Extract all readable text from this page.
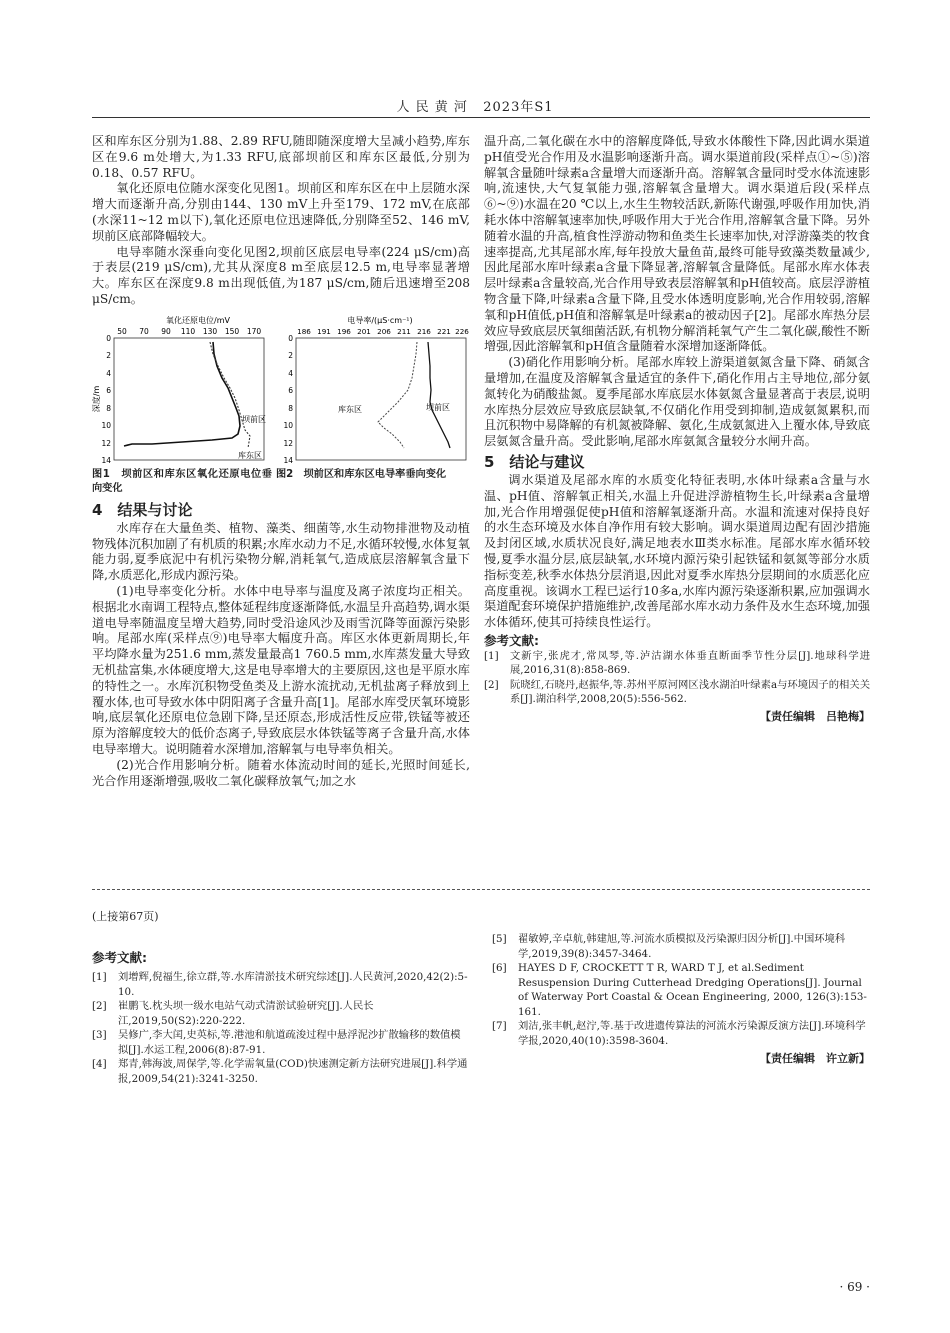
人 民 黄 河 2023年S1

区和库东区分别为1.88、2.89 RFU,随即随深度增大呈减小趋势,库东区在9.6 m处增大,为1.33 RFU,底部坝前区和库东区最低,分别为0.18、0.57 RFU。

氧化还原电位随水深变化见图1。坝前区和库东区在中上层随水深增大而逐渐升高,分别由144、130 mV上升至179、172 mV,在底部(水深11~12 m以下),氧化还原电位迅速降低,分别降至52、146 mV,坝前区底部降幅较大。

电导率随水深垂向变化见图2,坝前区底层电导率(224 μS/cm)高于表层(219 μS/cm),尤其从深度8 m至底层12.5 m,电导率显著增大。库东区在深度9.8 m出现低值,为187 μS/cm,随后迅速增至208 μS/cm。

氧化还原电位/mV
50 70 90 110 130 150 170
0
2
4
6
8
10
12
14
深度/m
坝前区
库东区
电导率/(μS·cm⁻¹)
186 191 196 201 206 211 216 221 226
0
2
4
6
8
10
12
14
库东区	坝前区
图1　坝前区和库东区氧化还原电位垂向变化
图2　坝前区和库东区电导率垂向变化

4　结果与讨论

水库存在大量鱼类、植物、藻类、细菌等,水生动物排泄物及动植物残体沉积加剧了有机质的积累;水库水动力不足,水循环较慢,水体复氧能力弱,夏季底泥中有机污染物分解,消耗氧气,造成底层溶解氧含量下降,水质恶化,形成内源污染。

(1)电导率变化分析。水体中电导率与温度及离子浓度均正相关。根据北水南调工程特点,整体延程纬度逐渐降低,水温呈升高趋势,调水渠道电导率随温度呈增大趋势,同时受沿途风沙及雨雪沉降等面源污染影响。尾部水库(采样点⑨)电导率大幅度升高。库区水体更新周期长,年平均降水量为251.6 mm,蒸发量最高1 760.5 mm,水库蒸发量大导致无机盐富集,水体硬度增大,这是电导率增大的主要原因,这也是平原水库的特性之一。水库沉积物受鱼类及上游水流扰动,无机盐离子释放到上覆水体,也可导致水体中阴阳离子含量升高[1]。尾部水库受厌氧环境影响,底层氧化还原电位急剧下降,呈还原态,形成活性反应带,铁锰等被还原为溶解度较大的低价态离子,导致底层水体铁锰等离子含量升高,水体电导率增大。说明随着水深增加,溶解氧与电导率负相关。

(2)光合作用影响分析。随着水体流动时间的延长,光照时间延长,光合作用逐渐增强,吸收二氧化碳释放氧气;加之水

温升高,二氧化碳在水中的溶解度降低,导致水体酸性下降,因此调水渠道pH值受光合作用及水温影响逐渐升高。调水渠道前段(采样点①~⑤)溶解氧含量随叶绿素a含量增大而逐渐升高。溶解氧含量同时受水体流速影响,流速快,大气复氧能力强,溶解氧含量增大。调水渠道后段(采样点⑥~⑨)水温在20 ℃以上,水生生物较活跃,新陈代谢强,呼吸作用加快,消耗水体中溶解氧速率加快,呼吸作用大于光合作用,溶解氧含量下降。另外随着水温的升高,植食性浮游动物和鱼类生长速率加快,对浮游藻类的牧食速率提高,尤其尾部水库,每年投放大量鱼苗,最终可能导致藻类数量减少,因此尾部水库叶绿素a含量下降显著,溶解氧含量降低。尾部水库水体表层叶绿素a含量较高,光合作用导致表层溶解氧和pH值较高。底层浮游植物含量下降,叶绿素a含量下降,且受水体透明度影响,光合作用较弱,溶解氧和pH值低,pH值和溶解氧是叶绿素a的被动因子[2]。尾部水库热分层效应导致底层厌氧细菌活跃,有机物分解消耗氧气产生二氧化碳,酸性不断增强,因此溶解氧和pH值含量随着水深增加逐渐降低。

(3)硝化作用影响分析。尾部水库较上游渠道氨氮含量下降、硝氮含量增加,在温度及溶解氧含量适宜的条件下,硝化作用占主导地位,部分氨氮转化为硝酸盐氮。夏季尾部水库底层水体氨氮含量显著高于表层,说明水库热分层效应导致底层缺氧,不仅硝化作用受到抑制,造成氨氮累积,而且沉积物中易降解的有机氮被降解、氨化,生成氨氮进入上覆水体,导致底层氨氮含量升高。受此影响,尾部水库氨氮含量较分水闸升高。

5　结论与建议

调水渠道及尾部水库的水质变化特征表明,水体叶绿素a含量与水温、pH值、溶解氧正相关,水温上升促进浮游植物生长,叶绿素a含量增加,光合作用增强促使pH值和溶解氧逐渐升高。水温和流速对保持良好的水生态环境及水体自净作用有较大影响。调水渠道周边配有固沙措施及封闭区域,水质状况良好,满足地表水Ⅲ类水标准。尾部水库水循环较慢,夏季水温分层,底层缺氧,水环境内源污染引起铁锰和氨氮等部分水质指标变差,秋季水体热分层消退,因此对夏季水库热分层期间的水质恶化应高度重视。该调水工程已运行10多a,水库内源污染逐渐积累,应加强调水渠道配套环境保护措施维护,改善尾部水库水动力条件及水生态环境,加强水体循环,使其可持续良性运行。

参考文献:
[1]	文新宇,张虎才,常凤琴,等.泸沽湖水体垂直断面季节性分层[J].地球科学进展,2016,31(8):858-869.
[2]	阮晓红,石晓丹,赵振华,等.苏州平原河网区浅水湖泊叶绿素a与环境因子的相关关系[J].湖泊科学,2008,20(5):556-562.
【责任编辑　吕艳梅】
(上接第67页)
参考文献:
[1]	刘增辉,倪福生,徐立群,等.水库清淤技术研究综述[J].人民黄河,2020,42(2):5-10.
[2]	崔鹏飞.枕头坝一级水电站气动式清淤试验研究[J].人民长江,2019,50(S2):220-222.
[3]	吴修广,李大闰,史英标,等.港池和航道疏浚过程中悬浮泥沙扩散输移的数值模拟[J].水运工程,2006(8):87-91.
[4]	郑青,韩海波,周保学,等.化学需氧量(COD)快速测定新方法研究进展[J].科学通报,2009,54(21):3241-3250.
[5]	翟敏婷,辛卓航,韩建旭,等.河流水质模拟及污染源归因分析[J].中国环境科学,2019,39(8):3457-3464.
[6]	HAYES D F, CROCKETT T R, WARD T J, et al.Sediment Resuspension During Cutterhead Dredging Operations[J]. Journal of Waterway Port Coastal & Ocean Engineering, 2000, 126(3):153-161.
[7]	刘洁,张丰帆,赵泞,等.基于改进遗传算法的河流水污染源反演方法[J].环境科学学报,2020,40(10):3598-3604.
【责任编辑　许立新】
· 69 ·
